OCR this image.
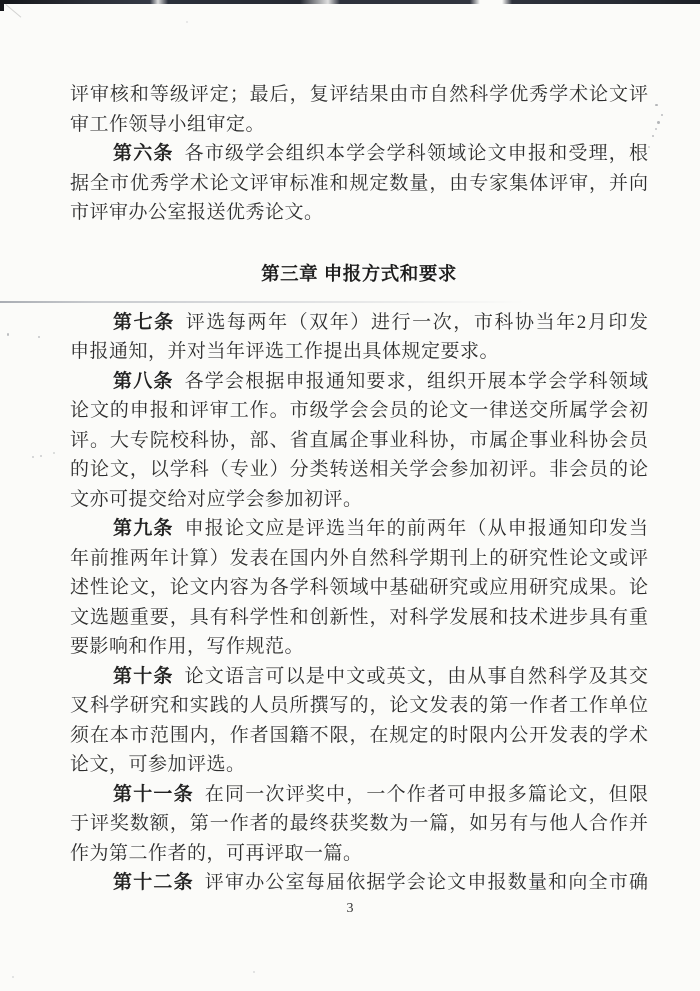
评审核和等级评定；最后，复评结果由市自然科学优秀学术论文评
审工作领导小组审定。
第六条 各市级学会组织本学会学科领域论文申报和受理，根
据全市优秀学术论文评审标准和规定数量，由专家集体评审，并向
市评审办公室报送优秀论文。
第三章 申报方式和要求
第七条 评选每两年（双年）进行一次，市科协当年2月印发
申报通知，并对当年评选工作提出具体规定要求。
第八条 各学会根据申报通知要求，组织开展本学会学科领域
论文的申报和评审工作。市级学会会员的论文一律送交所属学会初
评。大专院校科协，部、省直属企事业科协，市属企事业科协会员
的论文，以学科（专业）分类转送相关学会参加初评。非会员的论
文亦可提交给对应学会参加初评。
第九条 申报论文应是评选当年的前两年（从申报通知印发当
年前推两年计算）发表在国内外自然科学期刊上的研究性论文或评
述性论文，论文内容为各学科领域中基础研究或应用研究成果。论
文选题重要，具有科学性和创新性，对科学发展和技术进步具有重
要影响和作用，写作规范。
第十条 论文语言可以是中文或英文，由从事自然科学及其交
叉科学研究和实践的人员所撰写的，论文发表的第一作者工作单位
须在本市范围内，作者国籍不限，在规定的时限内公开发表的学术
论文，可参加评选。
第十一条 在同一次评奖中，一个作者可申报多篇论文，但限
于评奖数额，第一作者的最终获奖数为一篇，如另有与他人合作并
作为第二作者的，可再评取一篇。
第十二条 评审办公室每届依据学会论文申报数量和向全市确
3
